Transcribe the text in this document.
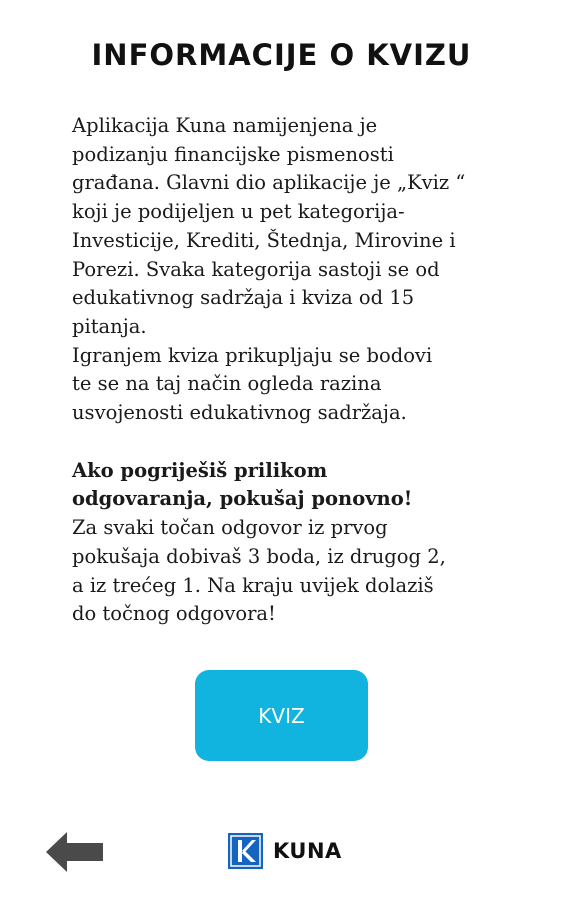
INFORMACIJE O KVIZU

Aplikacija Kuna namijenjena je
podizanju financijske pismenosti
građana. Glavni dio aplikacije je „Kviz “
koji je podijeljen u pet kategorija-
Investicije, Krediti, Štednja, Mirovine i
Porezi. Svaka kategorija sastoji se od
edukativnog sadržaja i kviza od 15
pitanja.

Igranjem kviza prikupljaju se bodovi
te se na taj način ogleda razina
usvojenosti edukativnog sadržaja.

Ako pogriješiš prilikom
odgovaranja, pokušaj ponovno!

Za svaki točan odgovor iz prvog
pokušaja dobivaš 3 boda, iz drugog 2,
a iz trećeg 1. Na kraju uvijek dolaziš
do točnog odgovora!

KVIZ
KUNA
